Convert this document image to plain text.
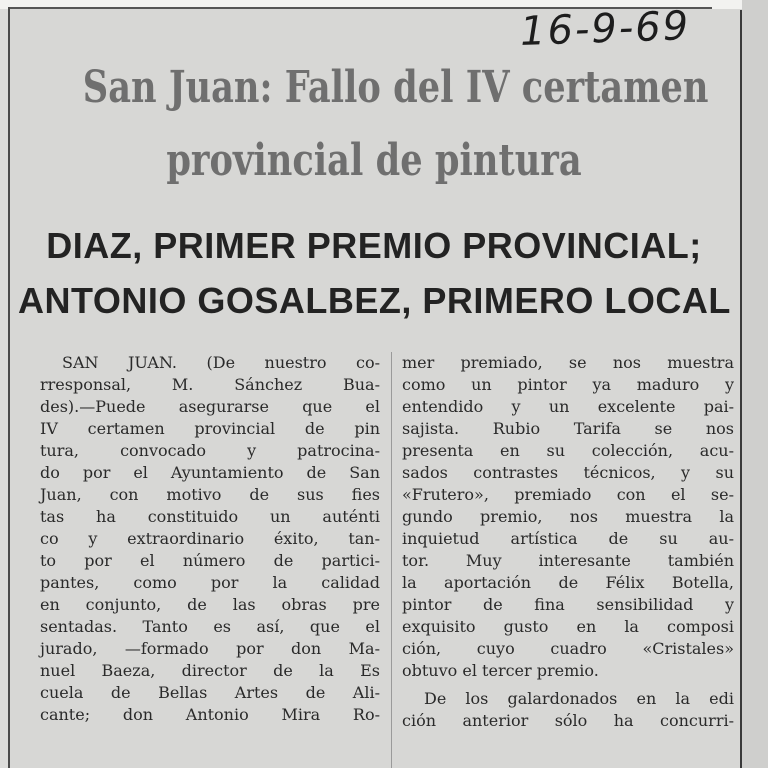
16-9-69
San Juan: Fallo del IV certamen
provincial de pintura
DIAZ, PRIMER PREMIO PROVINCIAL;
ANTONIO GOSALBEZ, PRIMERO LOCAL
SAN JUAN. (De nuestro co-
rresponsal, M. Sánchez Bua-
des).—Puede asegurarse que el
IV certamen provincial de pin
tura, convocado y patrocina-
do por el Ayuntamiento de San
Juan, con motivo de sus fies
tas ha constituido un auténti
co y extraordinario éxito, tan-
to por el número de partici-
pantes, como por la calidad
en conjunto, de las obras pre
sentadas. Tanto es así, que el
jurado, —formado por don Ma-
nuel Baeza, director de la Es
cuela de Bellas Artes de Ali-
cante; don Antonio Mira Ro-
mer premiado, se nos muestra
como un pintor ya maduro y
entendido y un excelente pai-
sajista. Rubio Tarifa se nos
presenta en su colección, acu-
sados contrastes técnicos, y su
«Frutero», premiado con el se-
gundo premio, nos muestra la
inquietud artística de su au-
tor. Muy interesante también
la aportación de Félix Botella,
pintor de fina sensibilidad y
exquisito gusto en la composi
ción, cuyo cuadro «Cristales»
obtuvo el tercer premio.
De los galardonados en la edi
ción anterior sólo ha concurri-
